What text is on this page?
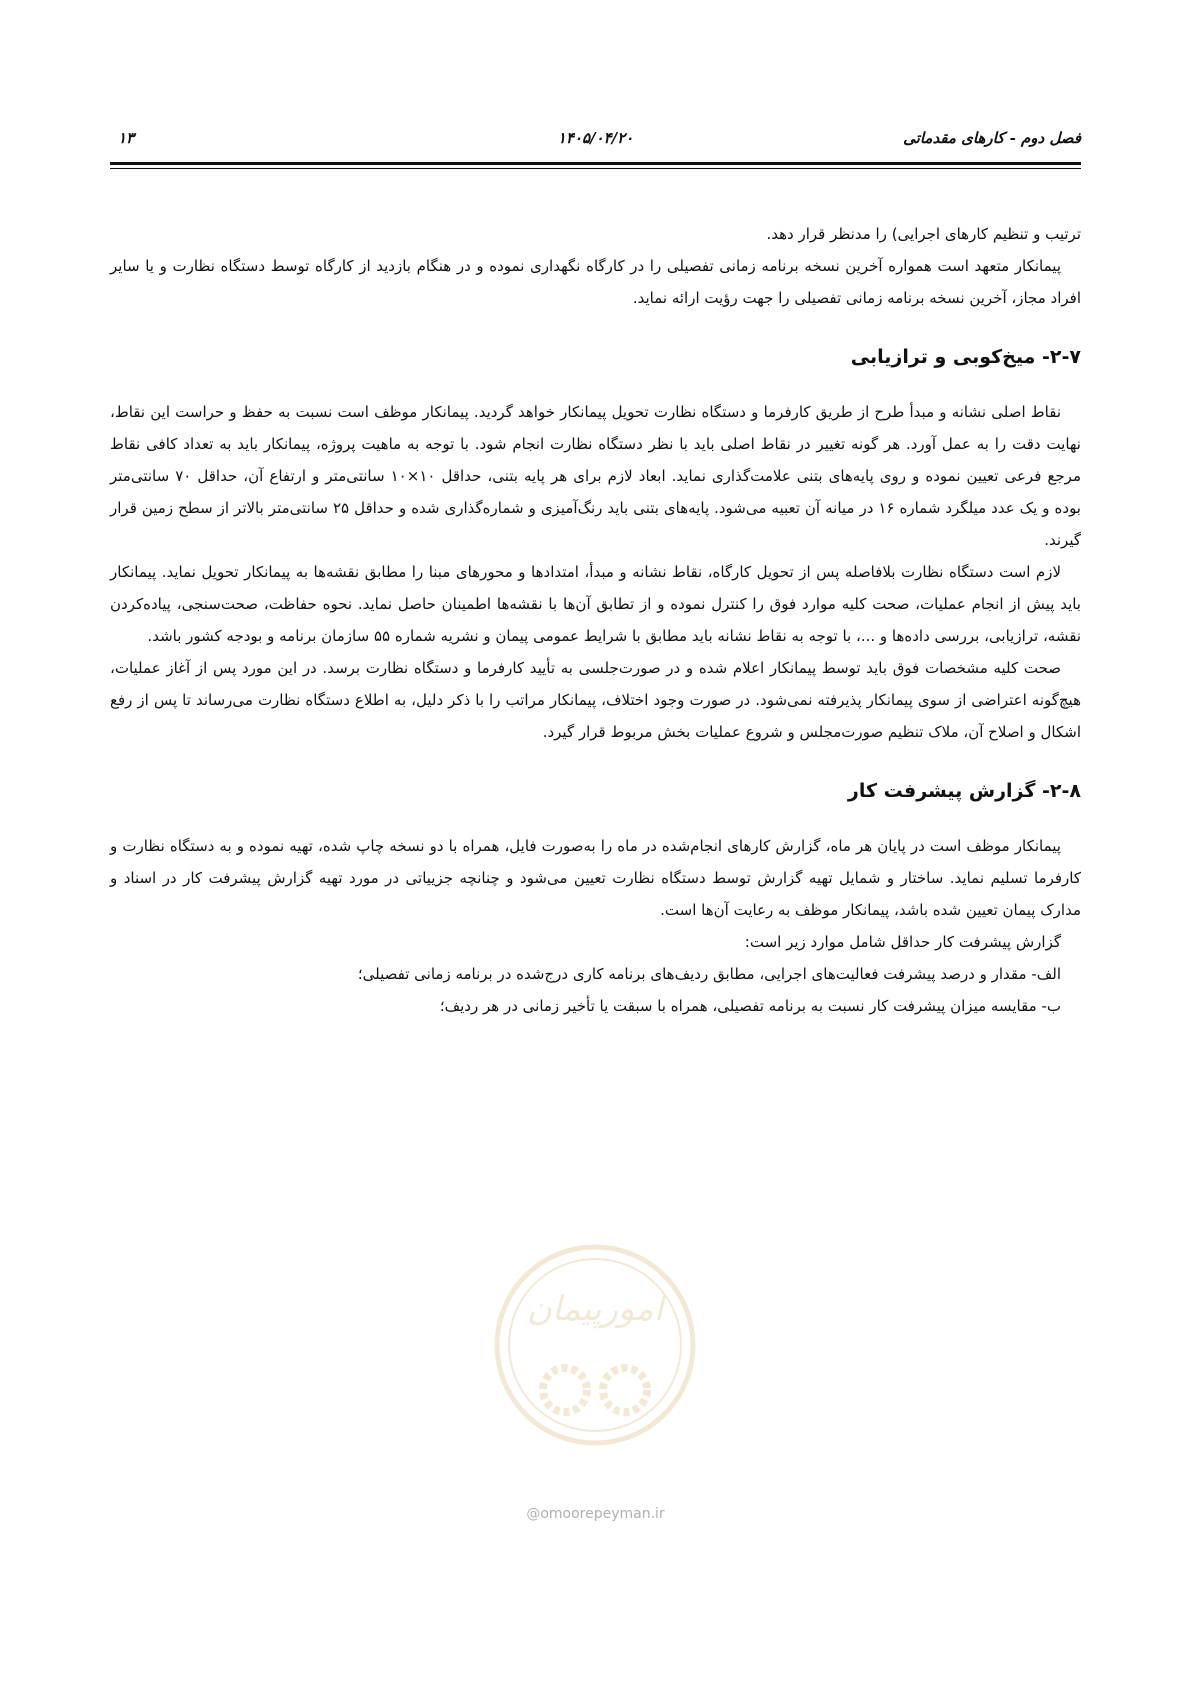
فصل دوم - کارهای مقدماتی
۱۴۰۵/۰۴/۲۰
۱۳

ترتیب و تنظیم کارهای اجرایی) را مدنظر قرار دهد.

پیمانکار متعهد است همواره آخرین نسخه برنامه زمانی تفصیلی را در کارگاه نگهداری نموده و در هنگام بازدید از کارگاه توسط دستگاه نظارت و یا سایر افراد مجاز، آخرین نسخه برنامه زمانی تفصیلی را جهت رؤیت ارائه نماید.

۲-۷- میخ‌کوبی و ترازیابی

نقاط اصلی نشانه و مبدأ طرح از طریق کارفرما و دستگاه نظارت تحویل پیمانکار خواهد گردید. پیمانکار موظف است نسبت به حفظ و حراست این نقاط، نهایت دقت را به عمل آورد. هر گونه تغییر در نقاط اصلی باید با نظر دستگاه نظارت انجام شود. با توجه به ماهیت پروژه، پیمانکار باید به تعداد کافی نقاط مرجع فرعی تعیین نموده و روی پایه‌های بتنی علامت‌گذاری نماید. ابعاد لازم برای هر پایه بتنی، حداقل ۱۰×۱۰ سانتی‌متر و ارتفاع آن، حداقل ۷۰ سانتی‌متر بوده و یک عدد میلگرد شماره ۱۶ در میانه آن تعبیه می‌شود. پایه‌های بتنی باید رنگ‌آمیزی و شماره‌گذاری شده و حداقل ۲۵ سانتی‌متر بالاتر از سطح زمین قرار گیرند.

لازم است دستگاه نظارت بلافاصله پس از تحویل کارگاه، نقاط نشانه و مبدأ، امتدادها و محورهای مبنا را مطابق نقشه‌ها به پیمانکار تحویل نماید. پیمانکار باید پیش از انجام عملیات، صحت کلیه موارد فوق را کنترل نموده و از تطابق آن‌ها با نقشه‌ها اطمینان حاصل نماید. نحوه حفاظت، صحت‌سنجی، پیاده‌کردن نقشه، ترازیابی، بررسی داده‌ها و ...، با توجه به نقاط نشانه باید مطابق با شرایط عمومی پیمان و نشریه شماره ۵۵ سازمان برنامه و بودجه کشور باشد.

صحت کلیه مشخصات فوق باید توسط پیمانکار اعلام شده و در صورت‌جلسی به تأیید کارفرما و دستگاه نظارت برسد. در این مورد پس از آغاز عملیات، هیچ‌گونه اعتراضی از سوی پیمانکار پذیرفته نمی‌شود. در صورت وجود اختلاف، پیمانکار مراتب را با ذکر دلیل، به اطلاع دستگاه نظارت می‌رساند تا پس از رفع اشکال و اصلاح آن، ملاک تنظیم صورت‌مجلس و شروع عملیات بخش مربوط قرار گیرد.

۲-۸- گزارش پیشرفت کار

پیمانکار موظف است در پایان هر ماه، گزارش کارهای انجام‌شده در ماه را به‌صورت فایل، همراه با دو نسخه چاپ شده، تهیه نموده و به دستگاه نظارت و کارفرما تسلیم نماید. ساختار و شمایل تهیه گزارش توسط دستگاه نظارت تعیین می‌شود و چنانچه جزییاتی در مورد تهیه گزارش پیشرفت کار در اسناد و مدارک پیمان تعیین شده باشد، پیمانکار موظف به رعایت آن‌ها است.

گزارش پیشرفت کار حداقل شامل موارد زیر است:

الف- مقدار و درصد پیشرفت فعالیت‌های اجرایی، مطابق ردیف‌های برنامه کاری درج‌شده در برنامه زمانی تفصیلی؛

ب- مقایسه میزان پیشرفت کار نسبت به برنامه تفصیلی، همراه با سبقت یا تأخیر زمانی در هر ردیف؛

امورپیمان
@omoorepeyman.ir
